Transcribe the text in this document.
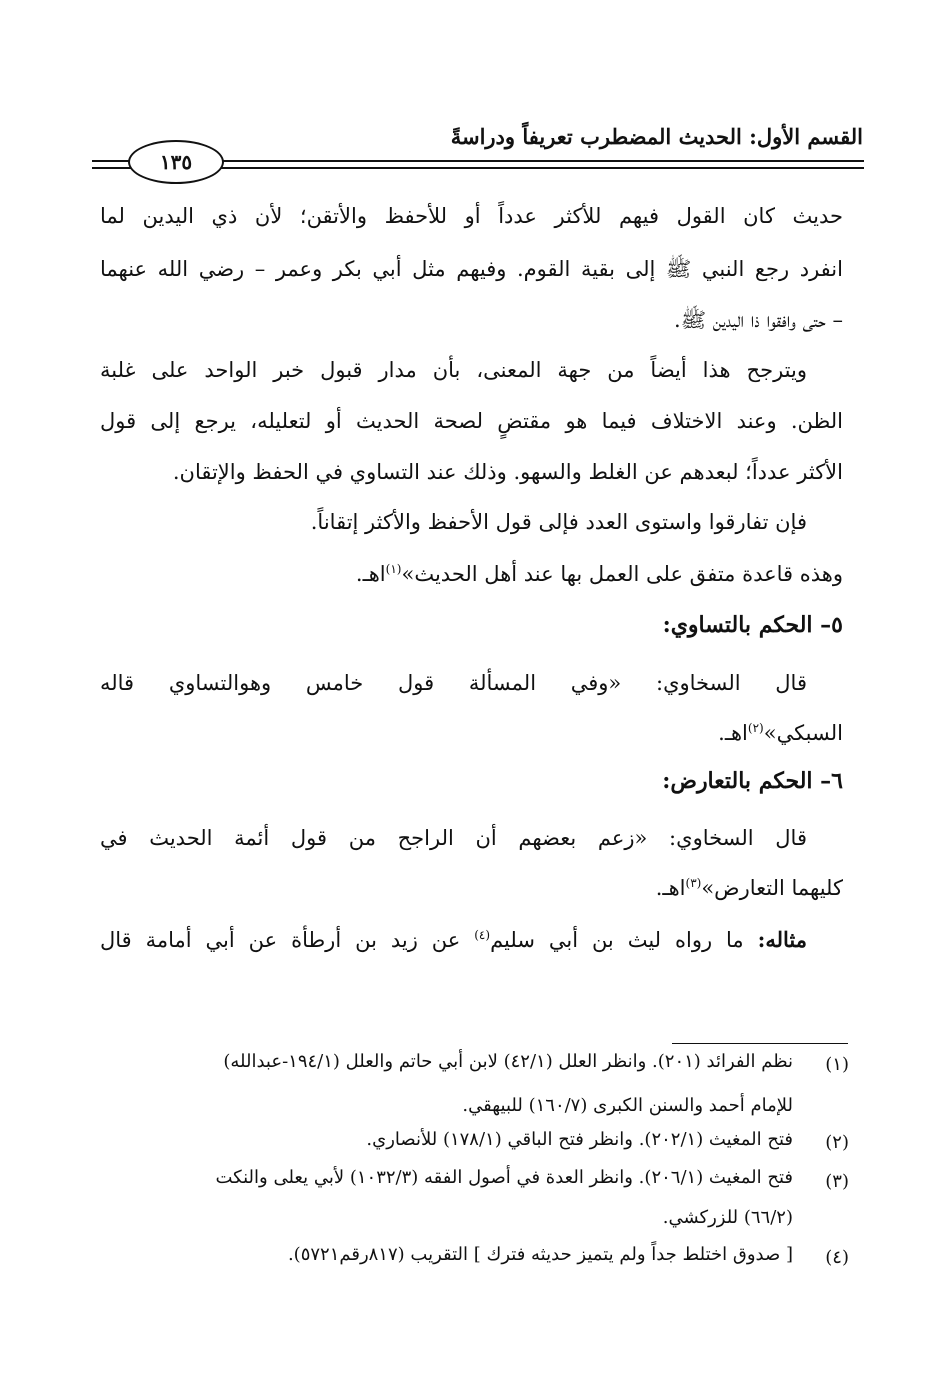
القسم الأول: الحديث المضطرب تعريفاً ودراسةً
١٣٥
حديث كان القول فيهم للأكثر عدداً أو للأحفظ والأتقن؛ لأن ذي اليدين لما
انفرد رجع النبي ﷺ إلى بقية القوم. وفيهم مثل أبي بكر وعمر – رضي الله عنهما
– حتى وافقوا ذا اليدين ﷺ.
ويترجح هذا أيضاً من جهة المعنى، بأن مدار قبول خبر الواحد على غلبة
الظن. وعند الاختلاف فيما هو مقتضٍ لصحة الحديث أو لتعليله، يرجع إلى قول
الأكثر عدداً؛ لبعدهم عن الغلط والسهو. وذلك عند التساوي في الحفظ والإتقان.
فإن تفارقوا واستوى العدد فإلى قول الأحفظ والأكثر إتقاناً.
وهذه قاعدة متفق على العمل بها عند أهل الحديث»$^{(١)}$اهـ.
٥– الحكم بالتساوي:
قال السخاوي: «وفي المسألة قول خامس وهوالتساوي قاله
السبكي»$^{(٢)}$اهـ.
٦– الحكم بالتعارض:
قال السخاوي: «زعم بعضهم أن الراجح من قول أئمة الحديث في
كليهما التعارض»$^{(٣)}$اهـ.
مثاله: ما رواه ليث بن أبي سليم$^{(٤)}$ عن زيد بن أرطأة عن أبي أمامة قال
(١)
نظم الفرائد (٢٠١). وانظر العلل (٤٢/١) لابن أبي حاتم والعلل (١٩٤/١-عبدالله)
للإمام أحمد والسنن الكبرى (١٦٠/٧) للبيهقي.
(٢)
فتح المغيث (٢٠٢/١). وانظر فتح الباقي (١٧٨/١) للأنصاري.
(٣)
فتح المغيث (٢٠٦/١). وانظر العدة في أصول الفقه (١٠٣٢/٣) لأبي يعلى والنكت
(٦٦/٢) للزركشي.
(٤)
[ صدوق اختلط جداً ولم يتميز حديثه فترك ] التقريب (٨١٧رقم٥٧٢١).
